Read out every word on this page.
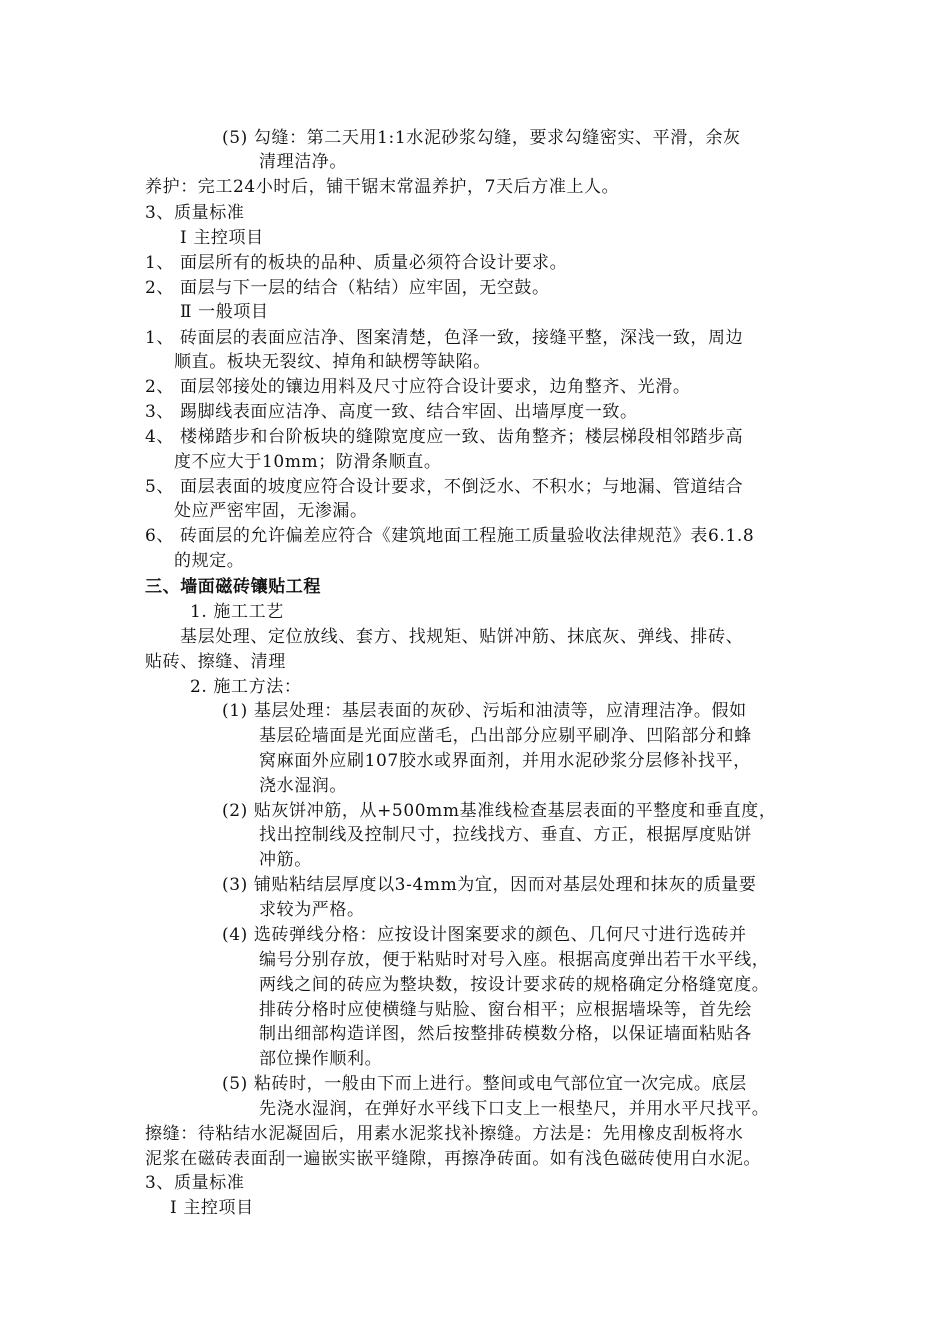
(5) 勾缝：第二天用1:1水泥砂浆勾缝，要求勾缝密实、平滑，余灰
清理洁净。
养护：完工24小时后，铺干锯末常温养护，7天后方准上人。
3、质量标准
Ⅰ 主控项目
1、 面层所有的板块的品种、质量必须符合设计要求。
2、 面层与下一层的结合（粘结）应牢固，无空鼓。
Ⅱ 一般项目
1、 砖面层的表面应洁净、图案清楚，色泽一致，接缝平整，深浅一致，周边
顺直。板块无裂纹、掉角和缺楞等缺陷。
2、 面层邻接处的镶边用料及尺寸应符合设计要求，边角整齐、光滑。
3、 踢脚线表面应洁净、高度一致、结合牢固、出墙厚度一致。
4、 楼梯踏步和台阶板块的缝隙宽度应一致、齿角整齐；楼层梯段相邻踏步高
度不应大于10mm；防滑条顺直。
5、 面层表面的坡度应符合设计要求，不倒泛水、不积水；与地漏、管道结合
处应严密牢固，无渗漏。
6、 砖面层的允许偏差应符合《建筑地面工程施工质量验收法律规范》表6.1.8
的规定。
三、墙面磁砖镶贴工程
1. 施工工艺
基层处理、定位放线、套方、找规矩、贴饼冲筋、抹底灰、弹线、排砖、
贴砖、擦缝、清理
2. 施工方法：
(1) 基层处理：基层表面的灰砂、污垢和油渍等，应清理洁净。假如
基层砼墙面是光面应凿毛，凸出部分应剔平刷净、凹陷部分和蜂
窝麻面外应刷107胶水或界面剂，并用水泥砂浆分层修补找平，
浇水湿润。
(2) 贴灰饼冲筋，从+500mm基准线检查基层表面的平整度和垂直度，
找出控制线及控制尺寸，拉线找方、垂直、方正，根据厚度贴饼
冲筋。
(3) 铺贴粘结层厚度以3-4mm为宜，因而对基层处理和抹灰的质量要
求较为严格。
(4) 选砖弹线分格：应按设计图案要求的颜色、几何尺寸进行选砖并
编号分别存放，便于粘贴时对号入座。根据高度弹出若干水平线，
两线之间的砖应为整块数，按设计要求砖的规格确定分格缝宽度。
排砖分格时应使横缝与贴脸、窗台相平；应根据墙垛等，首先绘
制出细部构造详图，然后按整排砖模数分格，以保证墙面粘贴各
部位操作顺利。
(5) 粘砖时，一般由下而上进行。整间或电气部位宜一次完成。底层
先浇水湿润，在弹好水平线下口支上一根垫尺，并用水平尺找平。
擦缝：待粘结水泥凝固后，用素水泥浆找补擦缝。方法是：先用橡皮刮板将水
泥浆在磁砖表面刮一遍嵌实嵌平缝隙，再擦净砖面。如有浅色磁砖使用白水泥。
3、质量标准
Ⅰ 主控项目
